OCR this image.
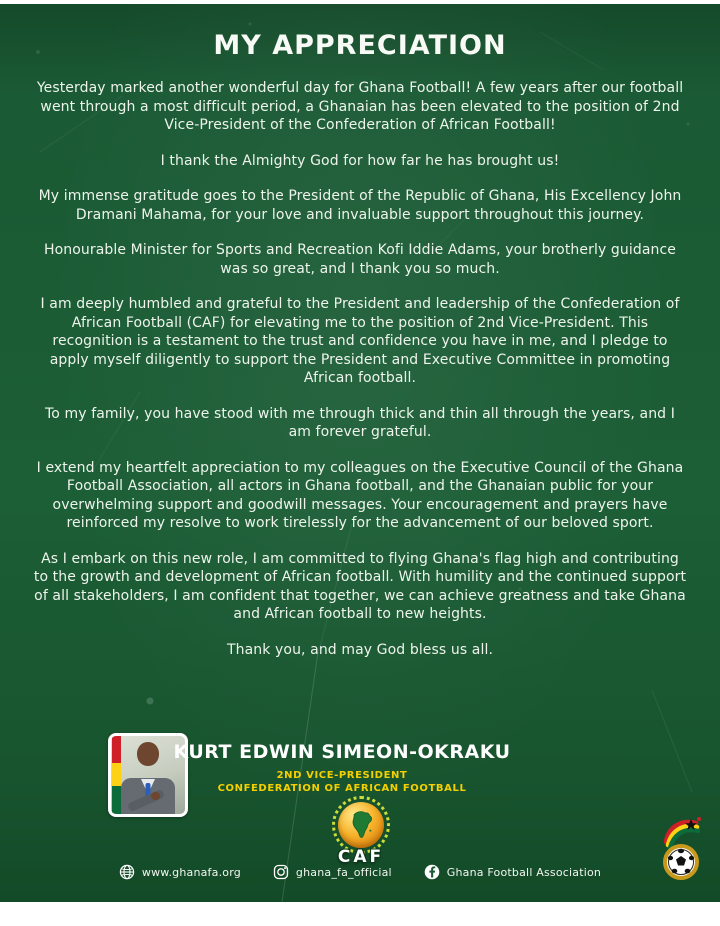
MY APPRECIATION

Yesterday marked another wonderful day for Ghana Football! A few years after our football went through a most difficult period, a Ghanaian has been elevated to the position of 2nd Vice-President of the Confederation of African Football!

I thank the Almighty God for how far he has brought us!

My immense gratitude goes to the President of the Republic of Ghana, His Excellency John Dramani Mahama, for your love and invaluable support throughout this journey.

Honourable Minister for Sports and Recreation Kofi Iddie Adams, your brotherly guidance was so great, and I thank you so much.

I am deeply humbled and grateful to the President and leadership of the Confederation of African Football (CAF) for elevating me to the position of 2nd Vice-President. This recognition is a testament to the trust and confidence you have in me, and I pledge to apply myself diligently to support the President and Executive Committee in promoting African football.

To my family, you have stood with me through thick and thin all through the years, and I am forever grateful.

I extend my heartfelt appreciation to my colleagues on the Executive Council of the Ghana Football Association, all actors in Ghana football, and the Ghanaian public for your overwhelming support and goodwill messages. Your encouragement and prayers have reinforced my resolve to work tirelessly for the advancement of our beloved sport.

As I embark on this new role, I am committed to flying Ghana's flag high and contributing to the growth and development of African football. With humility and the continued support of all stakeholders, I am confident that together, we can achieve greatness and take Ghana and African football to new heights.

Thank you, and may God bless us all.

KURT EDWIN SIMEON-OKRAKU
2ND VICE-PRESIDENT
CONFEDERATION OF AFRICAN FOOTBALL
CAF
www.ghanafa.org	ghana_fa_official	Ghana Football Association
